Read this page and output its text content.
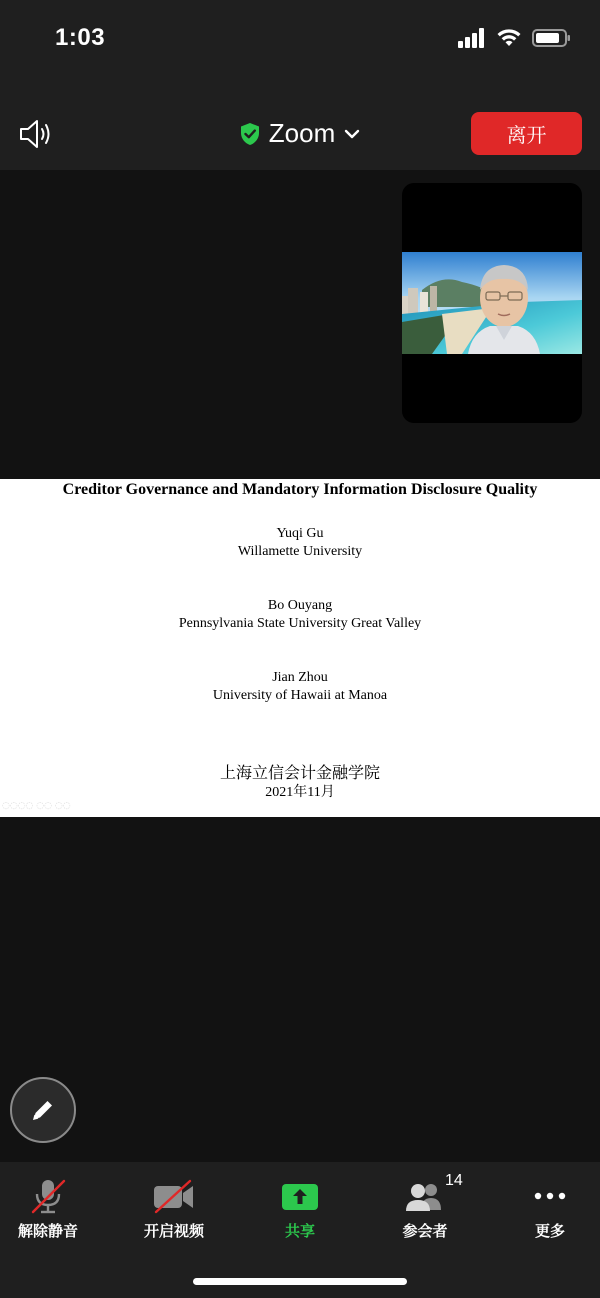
1:03
Zoom	离开
Creditor Governance and Mandatory Information Disclosure Quality
Yuqi Gu
Willamette University
Bo Ouyang
Pennsylvania State University Great Valley
Jian Zhou
University of Hawaii at Manoa
上海立信会计金融学院
2021年11月
◌◌◌◌ ◌◌ ◌◌
解除静音	开启视频	共享
14
参会者	更多
